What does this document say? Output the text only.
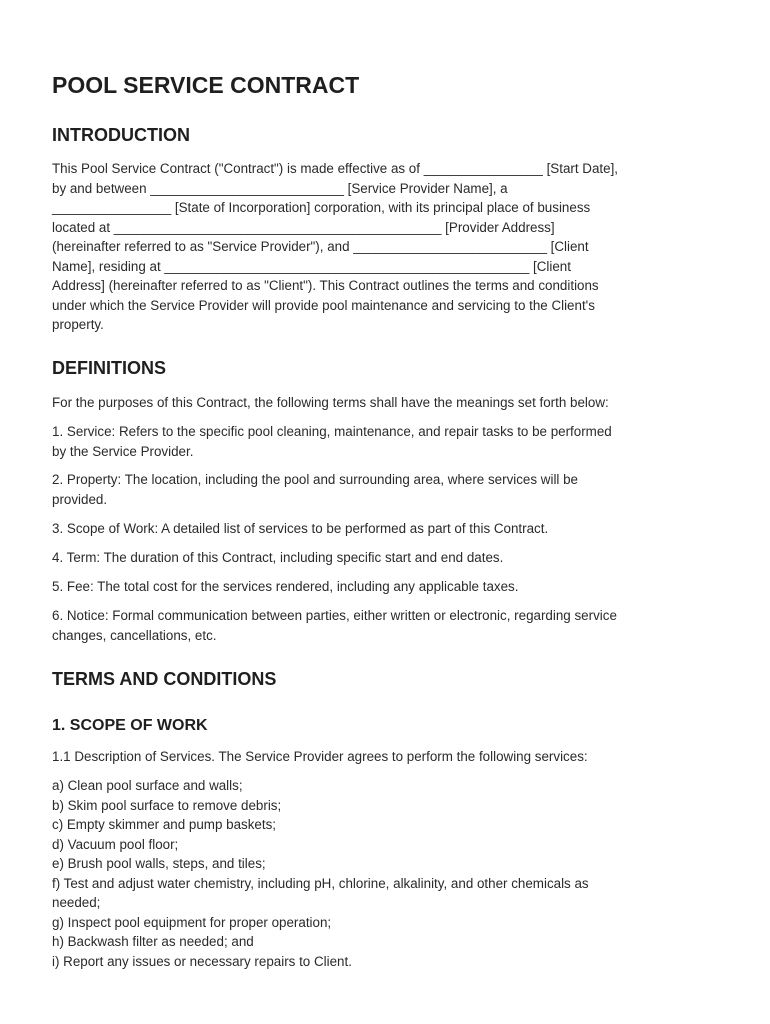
POOL SERVICE CONTRACT
INTRODUCTION
This Pool Service Contract ("Contract") is made effective as of ________________ [Start Date],
by and between __________________________ [Service Provider Name], a
________________ [State of Incorporation] corporation, with its principal place of business
located at ____________________________________________ [Provider Address]
(hereinafter referred to as "Service Provider"), and __________________________ [Client
Name], residing at _________________________________________________ [Client
Address] (hereinafter referred to as "Client"). This Contract outlines the terms and conditions
under which the Service Provider will provide pool maintenance and servicing to the Client's
property.
DEFINITIONS

For the purposes of this Contract, the following terms shall have the meanings set forth below:

1. Service: Refers to the specific pool cleaning, maintenance, and repair tasks to be performed
by the Service Provider.
2. Property: The location, including the pool and surrounding area, where services will be
provided.
3. Scope of Work: A detailed list of services to be performed as part of this Contract.
4. Term: The duration of this Contract, including specific start and end dates.
5. Fee: The total cost for the services rendered, including any applicable taxes.
6. Notice: Formal communication between parties, either written or electronic, regarding service
changes, cancellations, etc.
TERMS AND CONDITIONS
1. SCOPE OF WORK

1.1 Description of Services. The Service Provider agrees to perform the following services:

a) Clean pool surface and walls;
b) Skim pool surface to remove debris;
c) Empty skimmer and pump baskets;
d) Vacuum pool floor;
e) Brush pool walls, steps, and tiles;
f) Test and adjust water chemistry, including pH, chlorine, alkalinity, and other chemicals as
needed;
g) Inspect pool equipment for proper operation;
h) Backwash filter as needed; and
i) Report any issues or necessary repairs to Client.
